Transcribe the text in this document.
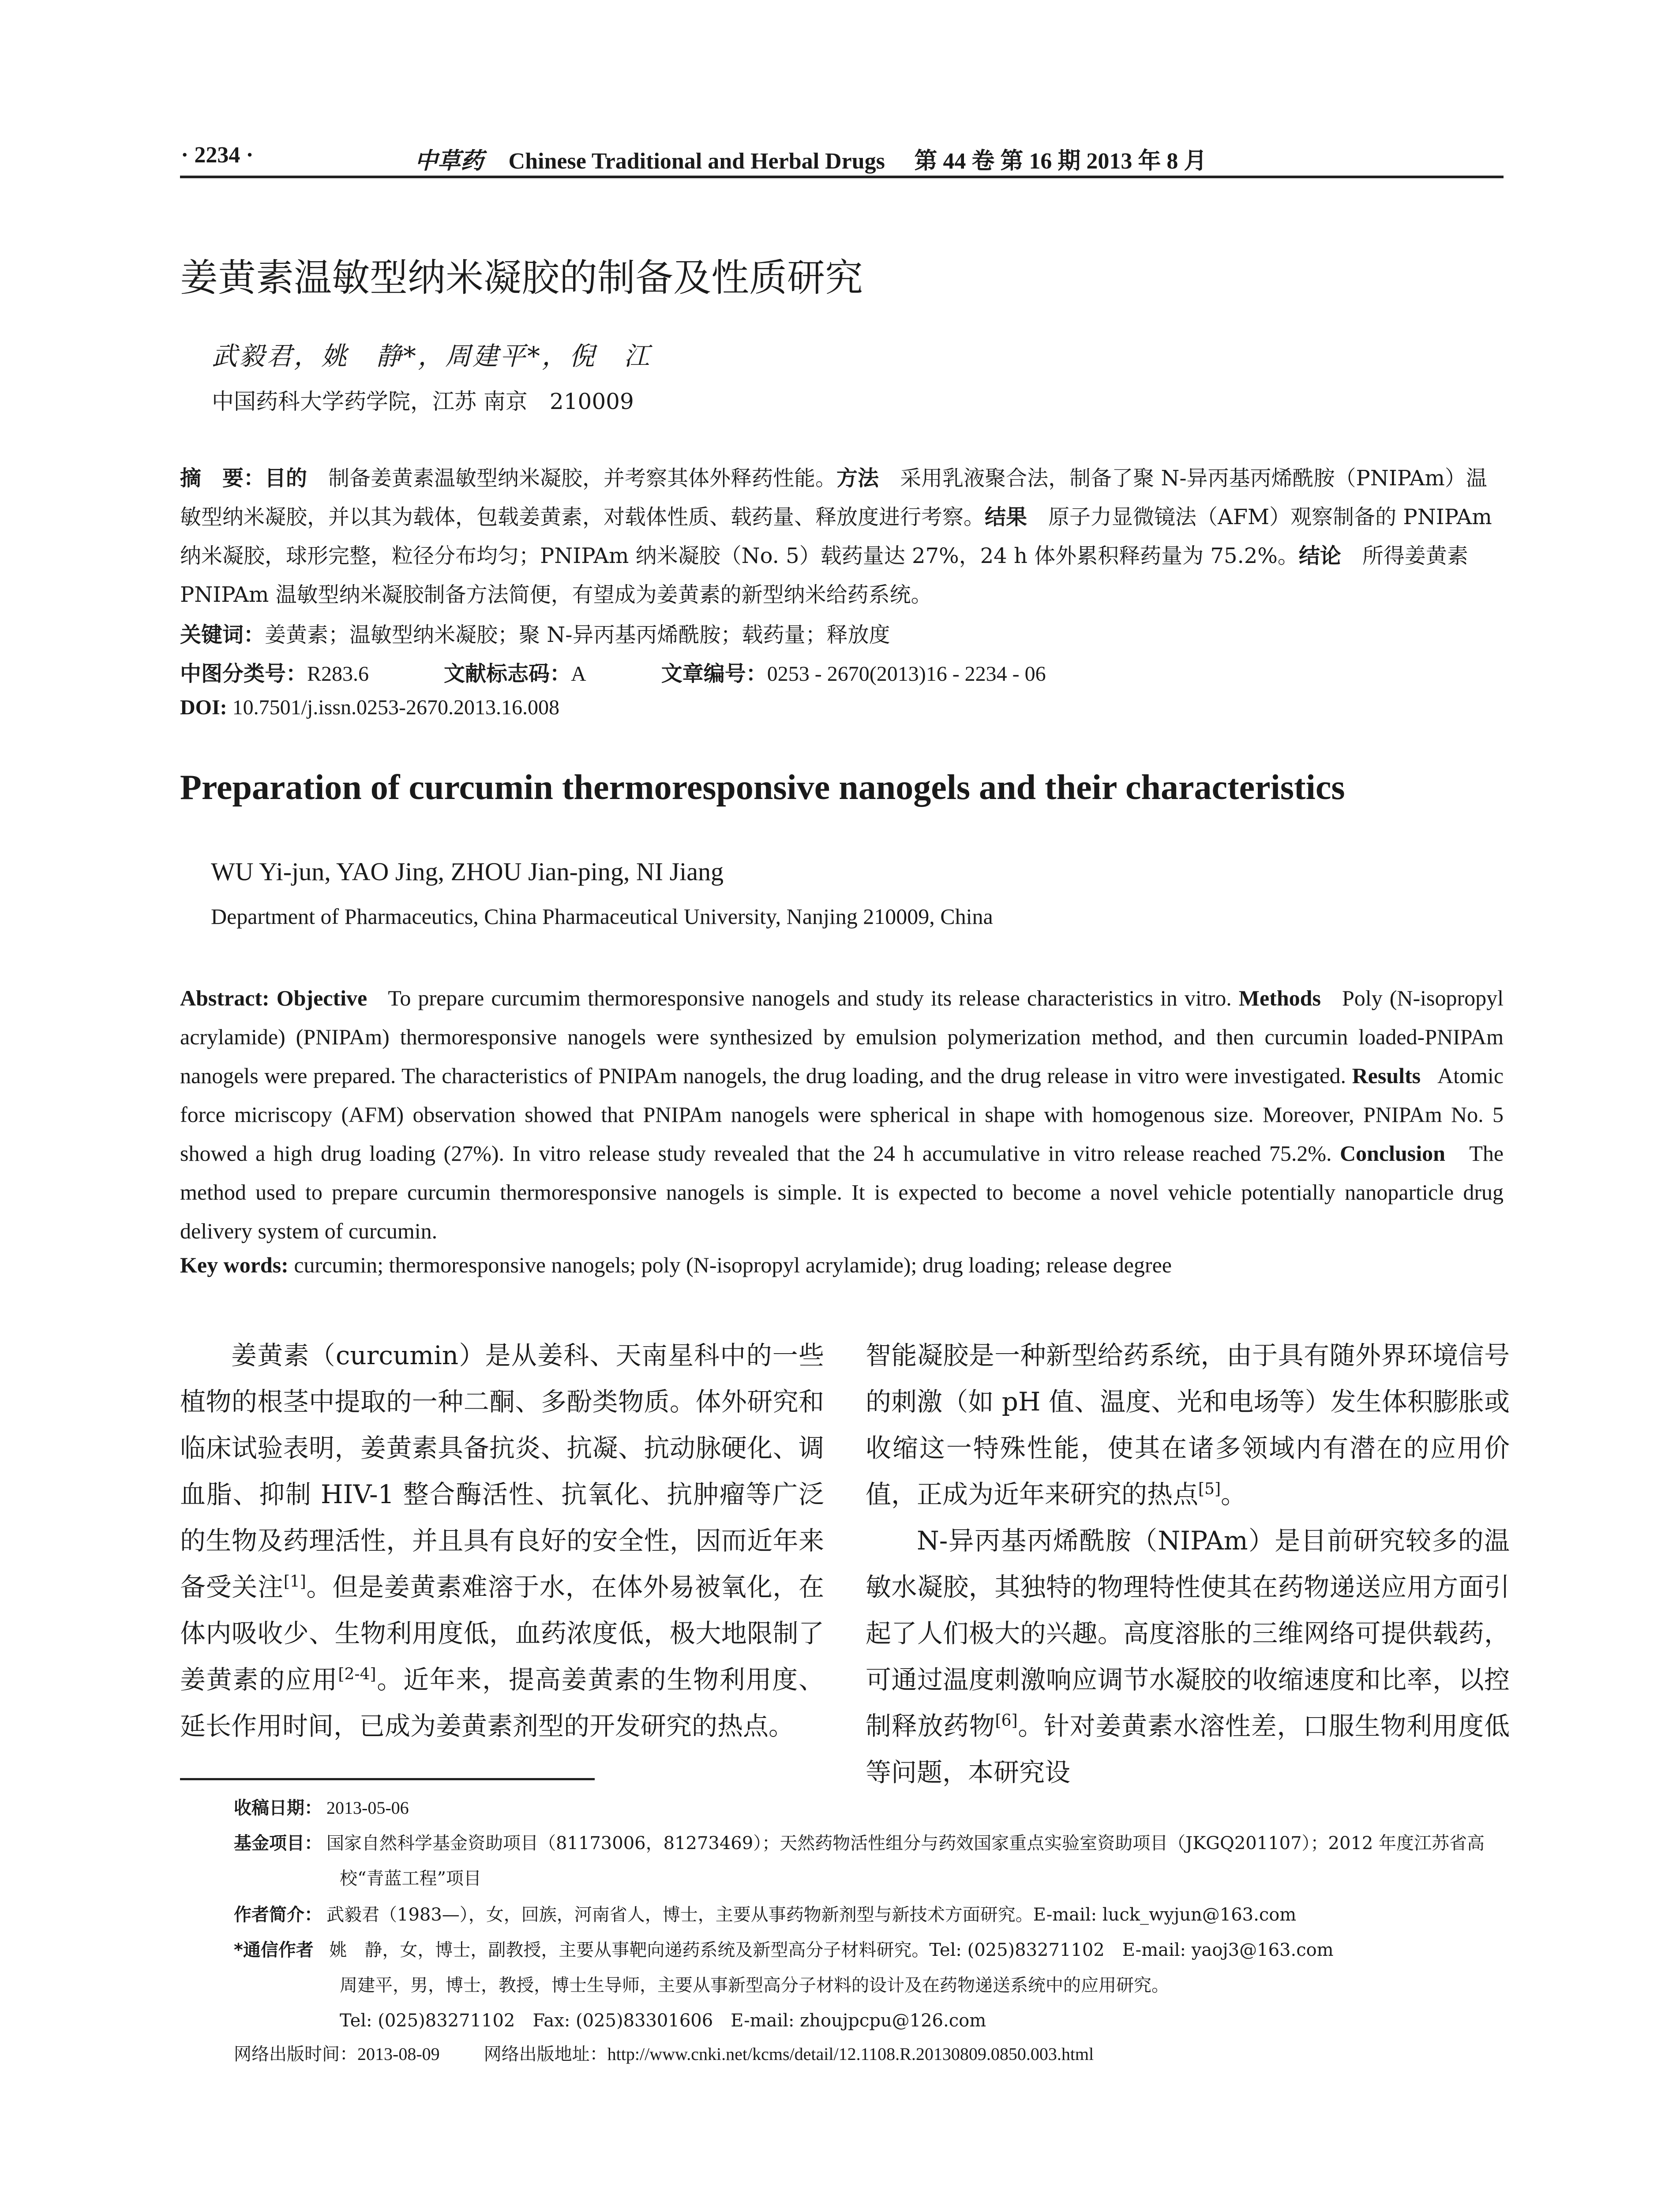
· 2234 ·	中草药 Chinese Traditional and Herbal Drugs 第 44 卷 第 16 期 2013 年 8 月
姜黄素温敏型纳米凝胶的制备及性质研究
武毅君，姚　静*，周建平*，倪　江
中国药科大学药学院，江苏 南京　210009
摘　要：目的　制备姜黄素温敏型纳米凝胶，并考察其体外释药性能。方法　采用乳液聚合法，制备了聚 N-异丙基丙烯酰胺（PNIPAm）温敏型纳米凝胶，并以其为载体，包载姜黄素，对载体性质、载药量、释放度进行考察。结果　原子力显微镜法（AFM）观察制备的 PNIPAm 纳米凝胶，球形完整，粒径分布均匀；PNIPAm 纳米凝胶（No. 5）载药量达 27%，24 h 体外累积释药量为 75.2%。结论　所得姜黄素 PNIPAm 温敏型纳米凝胶制备方法简便，有望成为姜黄素的新型纳米给药系统。
关键词：姜黄素；温敏型纳米凝胶；聚 N-异丙基丙烯酰胺；载药量；释放度
中图分类号：R283.6	文献标志码：A	文章编号：0253 - 2670(2013)16 - 2234 - 06
DOI: 10.7501/j.issn.0253-2670.2013.16.008
Preparation of curcumin thermoresponsive nanogels and their characteristics
WU Yi-jun, YAO Jing, ZHOU Jian-ping, NI Jiang
Department of Pharmaceutics, China Pharmaceutical University, Nanjing 210009, China
Abstract: Objective To prepare curcumim thermoresponsive nanogels and study its release characteristics in vitro. Methods Poly (N-isopropyl acrylamide) (PNIPAm) thermoresponsive nanogels were synthesized by emulsion polymerization method, and then curcumin loaded-PNIPAm nanogels were prepared. The characteristics of PNIPAm nanogels, the drug loading, and the drug release in vitro were investigated. Results Atomic force micriscopy (AFM) observation showed that PNIPAm nanogels were spherical in shape with homogenous size. Moreover, PNIPAm No. 5 showed a high drug loading (27%). In vitro release study revealed that the 24 h accumulative in vitro release reached 75.2%. Conclusion The method used to prepare curcumin thermoresponsive nanogels is simple. It is expected to become a novel vehicle potentially nanoparticle drug delivery system of curcumin.
Key words: curcumin; thermoresponsive nanogels; poly (N-isopropyl acrylamide); drug loading; release degree

姜黄素（curcumin）是从姜科、天南星科中的一些植物的根茎中提取的一种二酮、多酚类物质。体外研究和临床试验表明，姜黄素具备抗炎、抗凝、抗动脉硬化、调血脂、抑制 HIV-1 整合酶活性、抗氧化、抗肿瘤等广泛的生物及药理活性，并且具有良好的安全性，因而近年来备受关注[1]。但是姜黄素难溶于水，在体外易被氧化，在体内吸收少、生物利用度低，血药浓度低，极大地限制了姜黄素的应用[2-4]。近年来，提高姜黄素的生物利用度、延长作用时间，已成为姜黄素剂型的开发研究的热点。

智能凝胶是一种新型给药系统，由于具有随外界环境信号的刺激（如 pH 值、温度、光和电场等）发生体积膨胀或收缩这一特殊性能，使其在诸多领域内有潜在的应用价值，正成为近年来研究的热点[5]。

N-异丙基丙烯酰胺（NIPAm）是目前研究较多的温敏水凝胶，其独特的物理特性使其在药物递送应用方面引起了人们极大的兴趣。高度溶胀的三维网络可提供载药，可通过温度刺激响应调节水凝胶的收缩速度和比率，以控制释放药物[6]。针对姜黄素水溶性差，口服生物利用度低等问题，本研究设

收稿日期： 2013-05-06
基金项目： 国家自然科学基金资助项目（81173006，81273469）；天然药物活性组分与药效国家重点实验室资助项目（JKGQ201107）；2012 年度江苏省高校“青蓝工程”项目
作者简介： 武毅君（1983—），女，回族，河南省人，博士，主要从事药物新剂型与新技术方面研究。E-mail: luck_wyjun@163.com
*通信作者 姚　静，女，博士，副教授，主要从事靶向递药系统及新型高分子材料研究。Tel: (025)83271102　E-mail: yaoj3@163.com
周建平，男，博士，教授，博士生导师，主要从事新型高分子材料的设计及在药物递送系统中的应用研究。
Tel: (025)83271102　Fax: (025)83301606　E-mail: zhoujpcpu@126.com
网络出版时间：2013-08-09	网络出版地址：http://www.cnki.net/kcms/detail/12.1108.R.20130809.0850.003.html
